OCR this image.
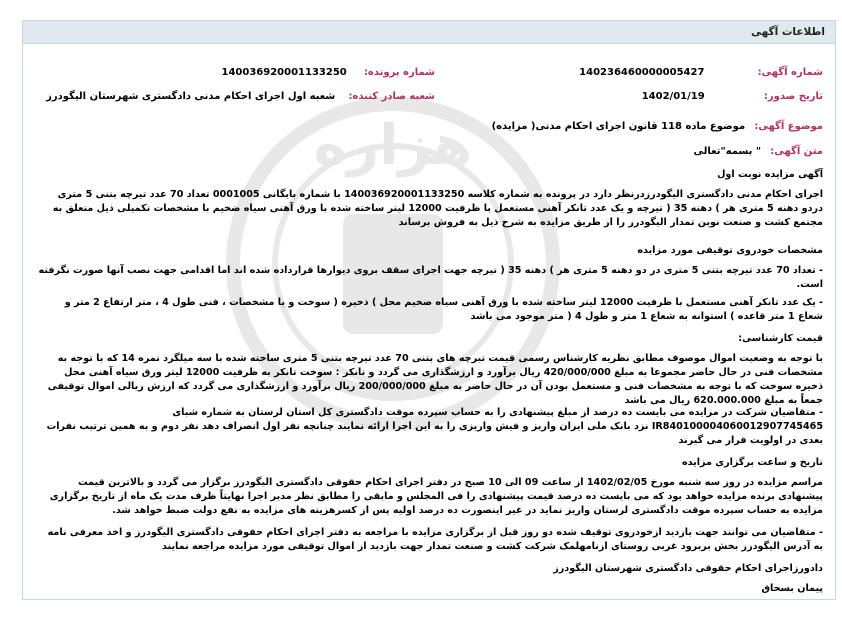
اطلاعات آگهی
هزاره
شماره آگهی: 140236460000005427
شماره پرونده: 140036920001133250
تاریخ صدور: 1402/01/19
شعبه صادر کننده: شعبه اول اجرای احکام مدنی دادگستری شهرستان الیگودرز
موضوع آگهی: موضوع ماده 118 قانون اجرای احکام مدنی( مزایده)
متن آگهی: " بسمه"تعالی
آگهی مزایده نوبت اول
اجرای احکام مدنی دادگستری الیگودرزدرنظر دارد در پرونده به شماره کلاسه 140036920001133250 با شماره بایگانی 0001005 تعداد 70 عدد تیرچه بتنی 5 متری دردو دهنه 5 متری هر ) دهنه 35 ( تیرچه و یک عدد تانکر آهنی مستعمل با ظرفیت 12000 لیتر ساخته شده با ورق آهنی سیاه ضخیم با مشخصات تکمیلی ذیل متعلق به مجتمع کشت و صنعت نوین تمدار الیگودرز را از طریق مزایده به شرح ذیل به فروش برساند
مشخصات خودروی توقیفی مورد مزایده
- تعداد 70 عدد تیرچه بتنی 5 متری در دو دهنه 5 متری هر ) دهنه 35 ( تیرچه جهت اجرای سقف بروی دیوارها قرارداده شده اند اما اقدامی جهت نصب آنها صورت نگرفته است.
- یک عدد تانکر آهنی مستعمل با ظرفیت 12000 لیتر ساخته شده با ورق آهنی سیاه ضخیم محل ) ذخیره ( سوخت و با مشخصات ، فنی طول 4 ، متر ارتفاع 2 متر و شعاع 1 متر قاعده ) استوانه به شعاع 1 متر و طول 4 ( متر موجود می باشد
قیمت کارشناسی:
با توجه به وضعیت اموال موصوف مطابق نظریه کارشناس رسمی قیمت تیرچه های بتنی 70 عدد تیرچه بتنی 5 متری ساخته شده با سه میلگرد نمره 14 که با توجه به مشخصات فنی در حال حاضر مجموعا به مبلغ 420/000/000 ریال برآورد و ارزشگذاری می گردد و تانکر : سوخت تانکر به ظرفیت 12000 لیتر ورق سیاه آهنی محل ذخیره سوخت که با توجه به مشخصات فنی و مستعمل بودن آن در حال حاضر به مبلغ 200/000/000 ریال برآورد و ارزشگذاری می گردد که ارزش ریالی اموال توقیفی جمعاً به مبلغ 620.000.000 ریال می باشد
- متقاضیان شرکت در مزایده می بایست ده درصد از مبلغ پیشنهادی را به حساب سپرده موقت دادگستری کل استان لرستان به شماره شبای IR840100004060012907745465 نزد بانک ملی ایران واریز و فیش واریزی را به این اجرا ارائه نمایند چنانچه نفر اول انصراف دهد نفر دوم و به همین ترتیب نفرات بعدی در اولویت قرار می گیرند
تاریخ و ساعت برگزاری مزایده
مراسم مزایده در روز سه شنبه مورخ 1402/02/05 از ساعت 09 الی 10 صبح در دفتر اجرای احکام حقوقی دادگستری الیگودرز برگزار می گردد و بالاترین قیمت پیشنهادی برنده مزایده خواهد بود که می بایست ده درصد قیمت پیشنهادی را فی المجلس و مابقی را مطابق نظر مدیر اجرا نهایتاً ظرف مدت یک ماه از تاریخ برگزاری مزایده به حساب سپرده موقت دادگستری لرستان واریز نماید در غیر اینصورت ده درصد اولیه پس از کسرهزینه های مزایده به نفع دولت ضبط خواهد شد.
- متقاضیان می توانند جهت بازدید ازخودروی توقیف شده دو روز قبل از برگزاری مزایده با مراجعه به دفتر اجرای احکام حقوقی دادگستری الیگودرز و اخذ معرفی نامه به آدرس الیگودرز بخش بربرود غربی روستای ازنامهلمک شرکت کشت و صنعت تمدار جهت بازدید از اموال توقیفی مورد مزایده مراجعه نمایند
دادورزاجرای احکام حقوقی دادگستری شهرستان الیگودرز
پیمان بسحاق
